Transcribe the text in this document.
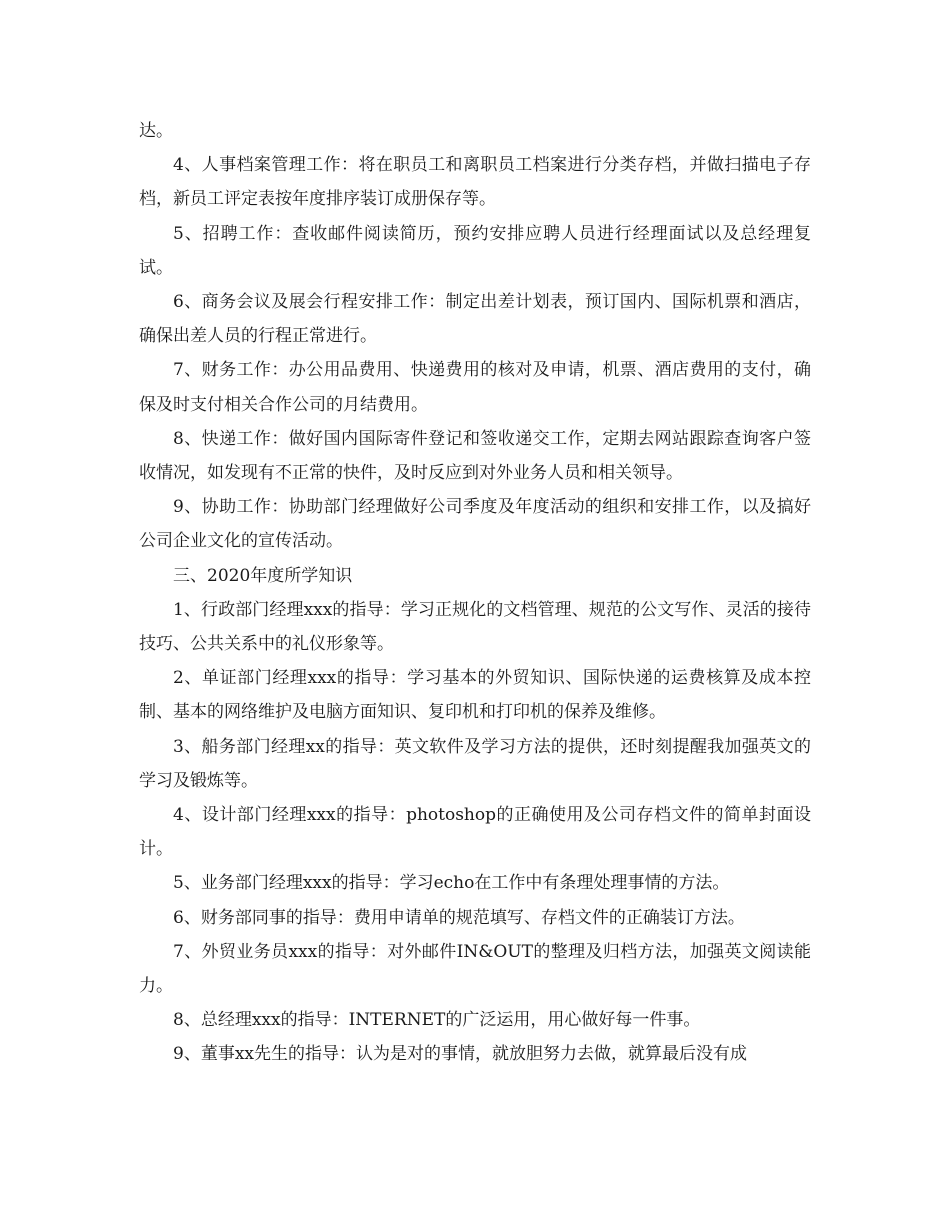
达。

4、人事档案管理工作：将在职员工和离职员工档案进行分类存档，并做扫描电子存档，新员工评定表按年度排序装订成册保存等。

5、招聘工作：查收邮件阅读简历，预约安排应聘人员进行经理面试以及总经理复试。

6、商务会议及展会行程安排工作：制定出差计划表，预订国内、国际机票和酒店，确保出差人员的行程正常进行。

7、财务工作：办公用品费用、快递费用的核对及申请，机票、酒店费用的支付，确保及时支付相关合作公司的月结费用。

8、快递工作：做好国内国际寄件登记和签收递交工作，定期去网站跟踪查询客户签收情况，如发现有不正常的快件，及时反应到对外业务人员和相关领导。

9、协助工作：协助部门经理做好公司季度及年度活动的组织和安排工作，以及搞好公司企业文化的宣传活动。

三、2020年度所学知识

1、行政部门经理xxx的指导：学习正规化的文档管理、规范的公文写作、灵活的接待技巧、公共关系中的礼仪形象等。

2、单证部门经理xxx的指导：学习基本的外贸知识、国际快递的运费核算及成本控制、基本的网络维护及电脑方面知识、复印机和打印机的保养及维修。

3、船务部门经理xx的指导：英文软件及学习方法的提供，还时刻提醒我加强英文的学习及锻炼等。

4、设计部门经理xxx的指导：photoshop的正确使用及公司存档文件的简单封面设计。

5、业务部门经理xxx的指导：学习echo在工作中有条理处理事情的方法。

6、财务部同事的指导：费用申请单的规范填写、存档文件的正确装订方法。

7、外贸业务员xxx的指导：对外邮件IN&OUT的整理及归档方法，加强英文阅读能力。

8、总经理xxx的指导：INTERNET的广泛运用，用心做好每一件事。

9、董事xx先生的指导：认为是对的事情，就放胆努力去做，就算最后没有成
